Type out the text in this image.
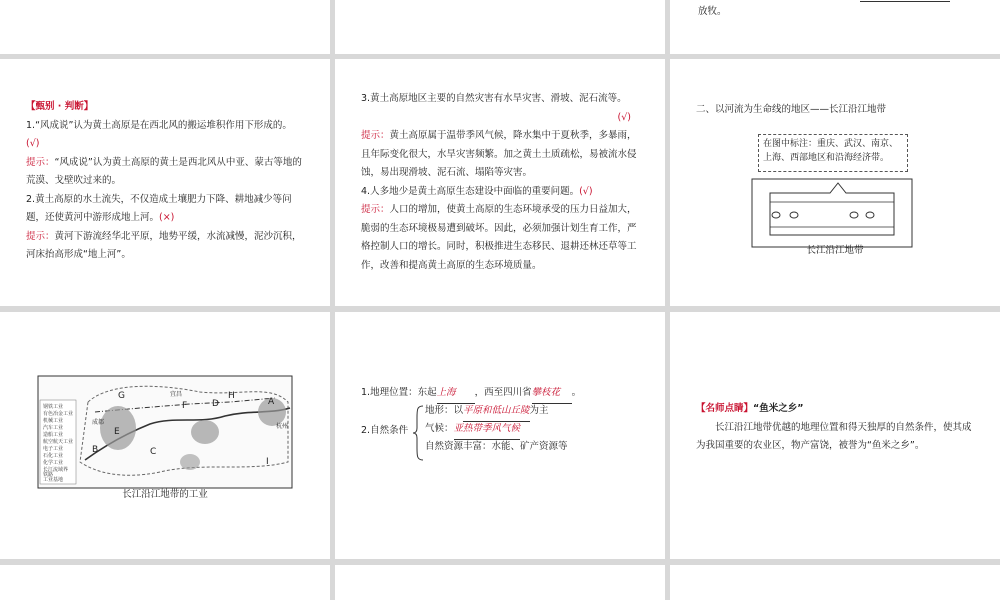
放牧。

【甄别 · 判断】

1.“风成说”认为黄土高原是在西北风的搬运堆积作用下形成的。(√)

提示：“风成说”认为黄土高原的黄土是西北风从中亚、蒙古等地的荒漠、戈壁吹过来的。

2.黄土高原的水土流失，不仅造成土壤肥力下降、耕地减少等问题，还使黄河中游形成地上河。(×)

提示：黄河下游流经华北平原，地势平缓，水流减慢，泥沙沉积，河床抬高形成“地上河”。

3.黄土高原地区主要的自然灾害有水旱灾害、滑坡、泥石流等。

(√)

提示：黄土高原属于温带季风气候，降水集中于夏秋季，多暴雨，且年际变化很大，水旱灾害频繁。加之黄土土质疏松，易被流水侵蚀，易出现滑坡、泥石流、塌陷等灾害。

4.人多地少是黄土高原生态建设中面临的重要问题。(√)

提示：人口的增加，使黄土高原的生态环境承受的压力日益加大，脆弱的生态环境极易遭到破坏。因此，必须加强计划生育工作，严格控制人口的增长。同时，积极推进生态移民、退耕还林还草等工作，改善和提高黄土高原的生态环境质量。

二、以河流为生命线的地区——长江沿江地带
在图中标注：重庆、武汉、南京、上海、西部地区和沿海经济带。
长江沿江地带
G
F
E
B	C
D
H
A
I
宜昌
成都
杭州
钢铁工业
有色冶金工业
机械工业
汽车工业
造船工业
航空航天工业
电子工业
石化工业
化学工业
长江流域界
铁路
工业基地
长江沿江地带的工业
1.地理位置：东起上海 ，西至四川省攀枝花 。
2.自然条件
地形：以平原和低山丘陵为主
气候：亚热带季风气候
自然资源丰富：水能、矿产资源等

【名师点睛】“鱼米之乡”

长江沿江地带优越的地理位置和得天独厚的自然条件，使其成为我国重要的农业区，物产富饶，被誉为“鱼米之乡”。
